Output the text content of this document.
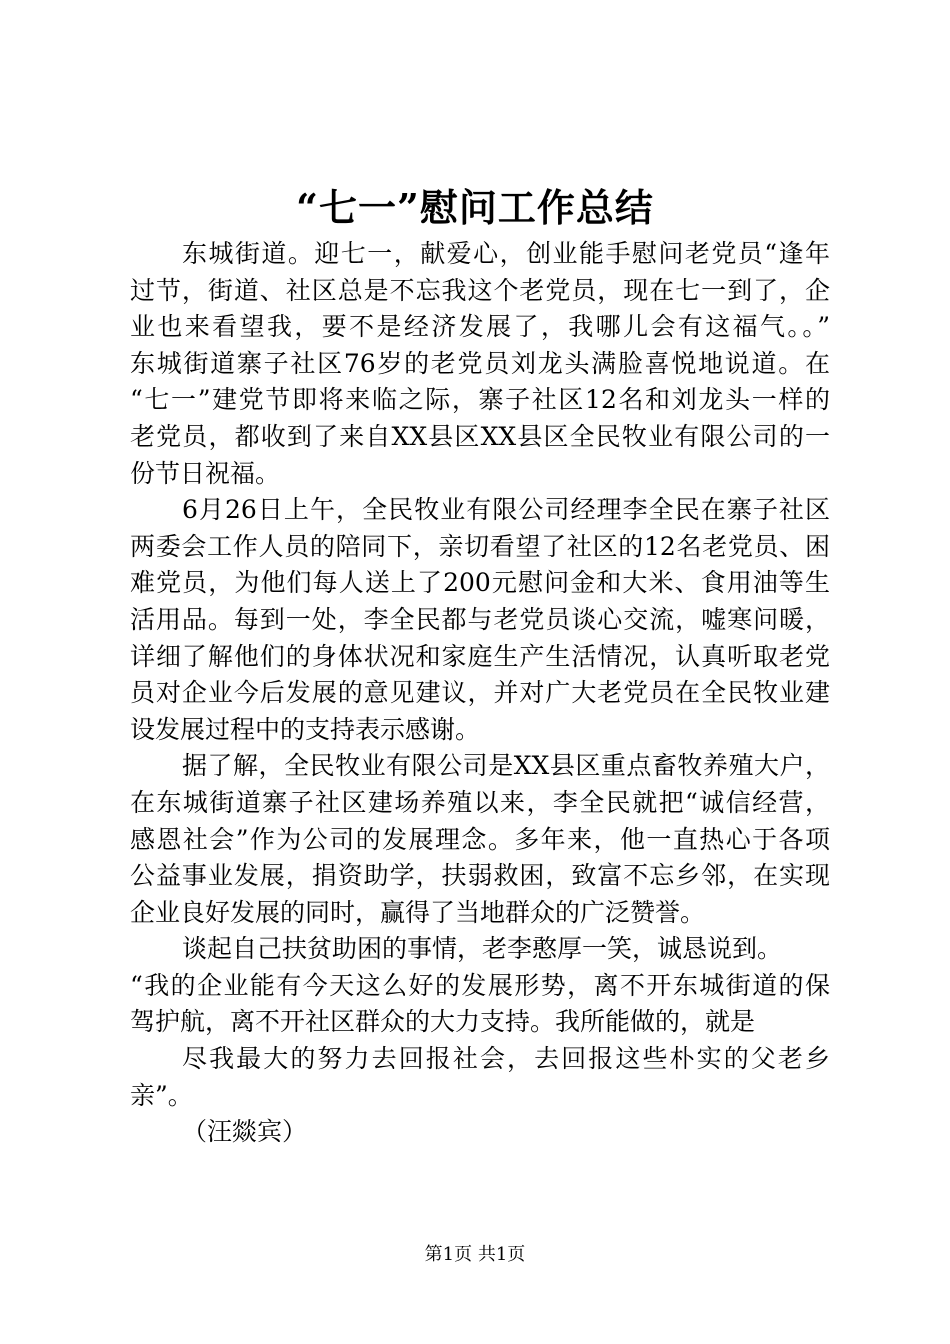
“七一”慰问工作总结
东城街道。迎七一，献爱心，创业能手慰问老党员“逢年
过节，街道、社区总是不忘我这个老党员，现在七一到了，企
业也来看望我，要不是经济发展了，我哪儿会有这福气。。”
东城街道寨子社区76岁的老党员刘龙头满脸喜悦地说道。在
“七一”建党节即将来临之际，寨子社区12名和刘龙头一样的
老党员，都收到了来自XX县区XX县区全民牧业有限公司的一
份节日祝福。
6月26日上午，全民牧业有限公司经理李全民在寨子社区
两委会工作人员的陪同下，亲切看望了社区的12名老党员、困
难党员，为他们每人送上了200元慰问金和大米、食用油等生
活用品。每到一处，李全民都与老党员谈心交流，嘘寒问暖，
详细了解他们的身体状况和家庭生产生活情况，认真听取老党
员对企业今后发展的意见建议，并对广大老党员在全民牧业建
设发展过程中的支持表示感谢。
据了解，全民牧业有限公司是XX县区重点畜牧养殖大户，
在东城街道寨子社区建场养殖以来，李全民就把“诚信经营，
感恩社会”作为公司的发展理念。多年来，他一直热心于各项
公益事业发展，捐资助学，扶弱救困，致富不忘乡邻，在实现
企业良好发展的同时，赢得了当地群众的广泛赞誉。
谈起自己扶贫助困的事情，老李憨厚一笑，诚恳说到。
“我的企业能有今天这么好的发展形势，离不开东城街道的保
驾护航，离不开社区群众的大力支持。我所能做的，就是
尽我最大的努力去回报社会，去回报这些朴实的父老乡
亲”。
（汪燚宾）
第1页 共1页
